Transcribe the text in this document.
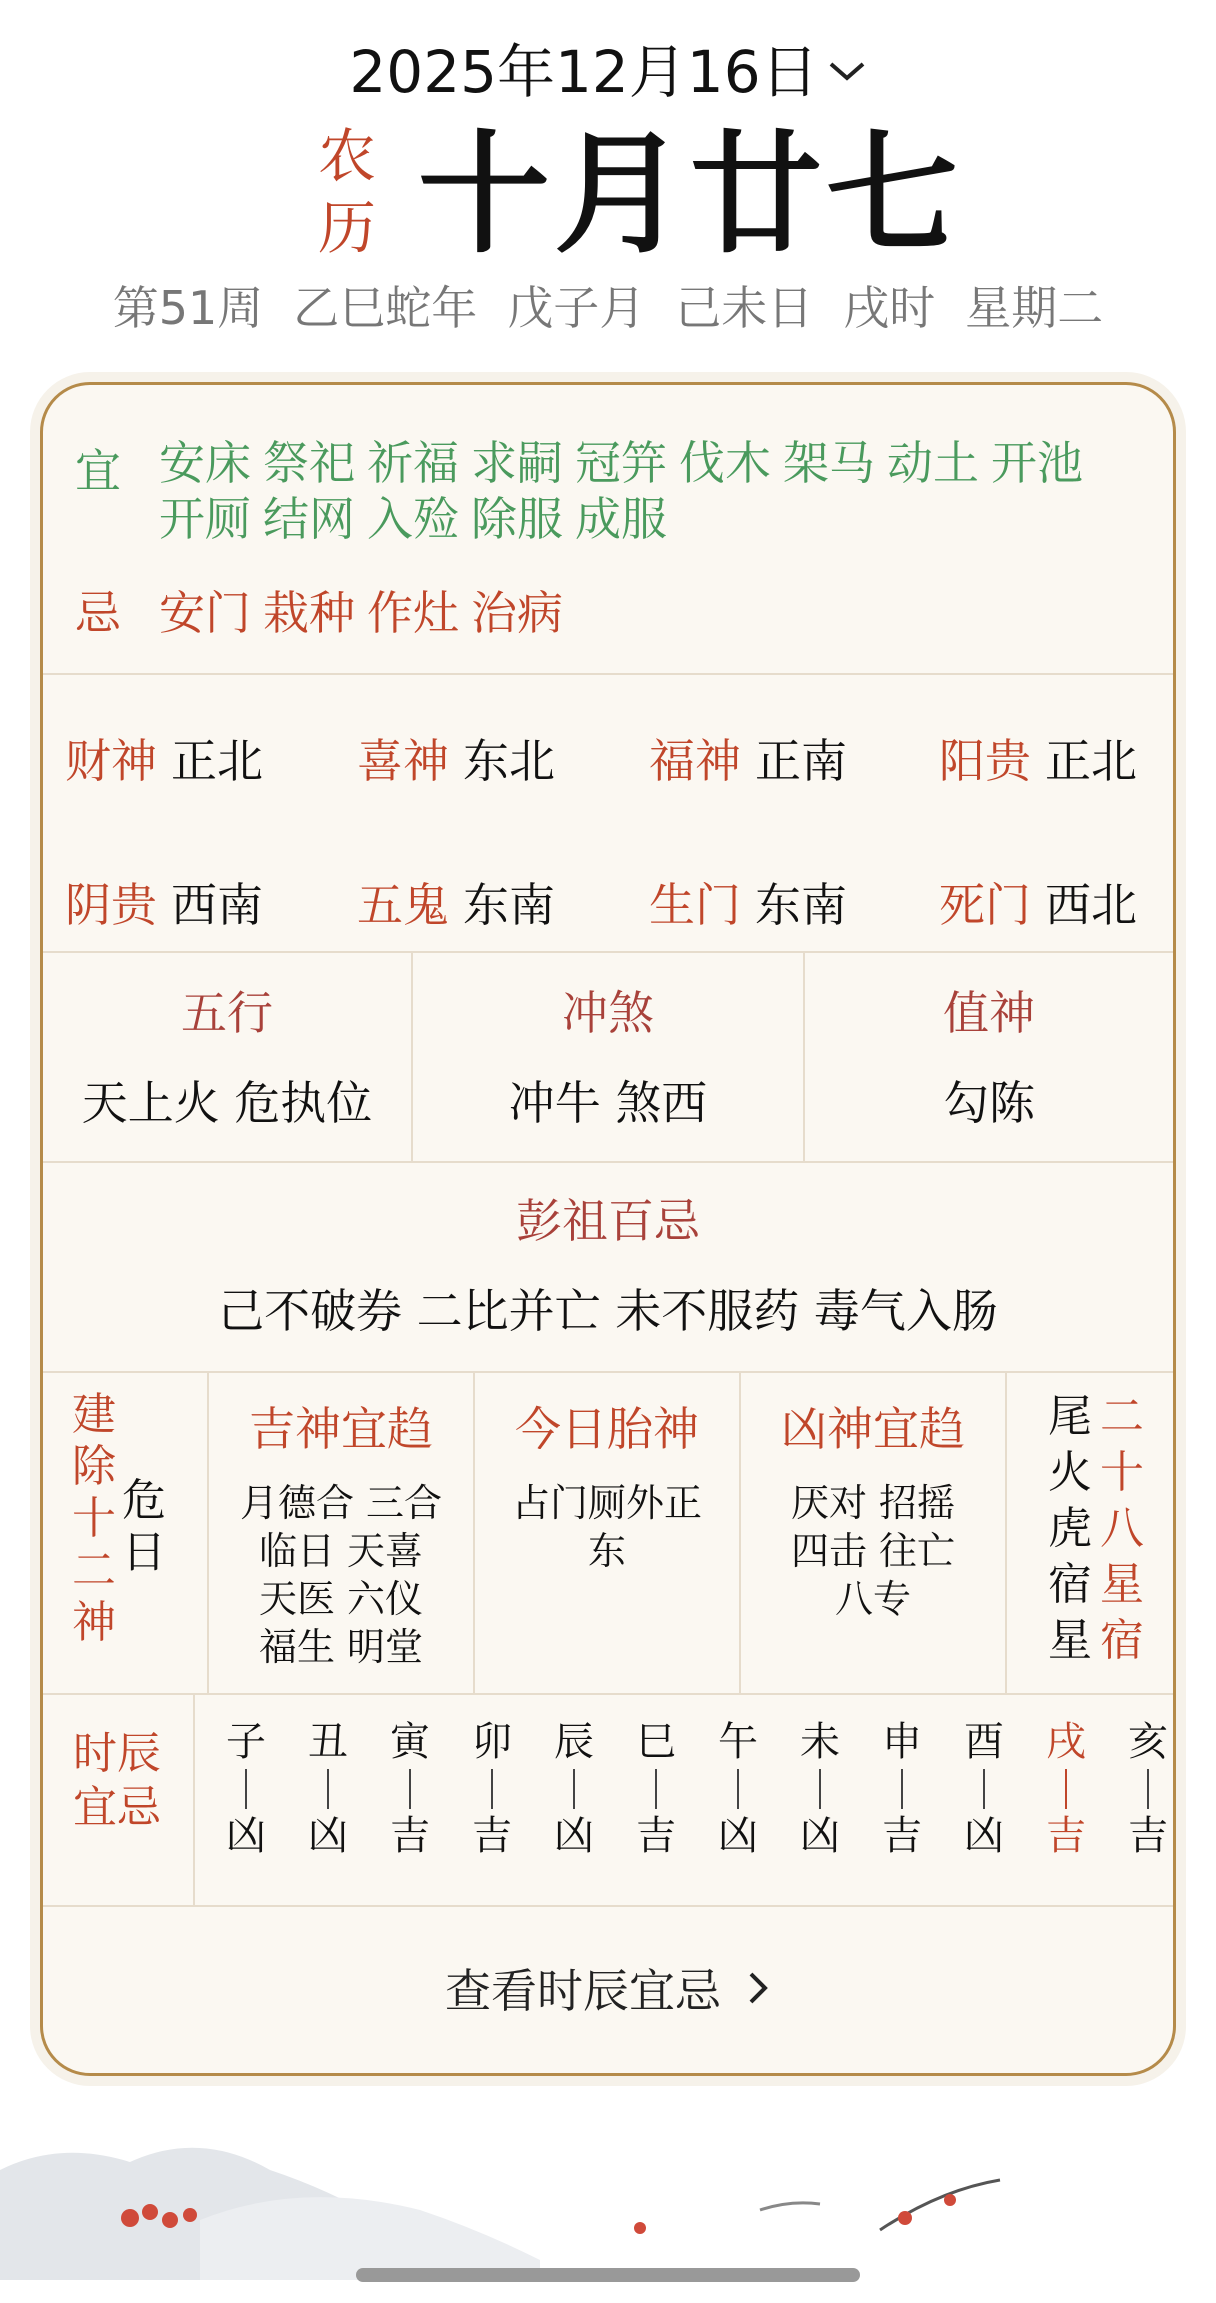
2025年12月16日
农
历 十月廿七
第51周 乙巳蛇年 戊子月 己未日 戌时 星期二
宜 安床 祭祀 祈福 求嗣 冠笄 伐木 架马 动土 开池开厕 结网 入殓 除服 成服
忌 安门 栽种 作灶 治病
财神 正北 喜神 东北 福神 正南 阳贵 正北
阴贵 西南 五鬼 东南 生门 东南 死门 西北
五行
天上火 危执位
冲煞
冲牛 煞西
值神
勾陈
彭祖百忌
己不破券 二比并亡 未不服药 毒气入肠
建
除
十
二
神
危
日
吉神宜趋
月德合 三合
临日 天喜
天医 六仪
福生 明堂
今日胎神
占门厕外正
东
凶神宜趋
厌对 招摇
四击 往亡
八专
尾
火
虎
宿
星
二
十
八
星
宿
时辰
宜忌
子
凶
丑
凶
寅
吉
卯
吉
辰
凶
巳
吉
午
凶
未
凶
申
吉
酉
凶
戌
吉
亥
吉
查看时辰宜忌
